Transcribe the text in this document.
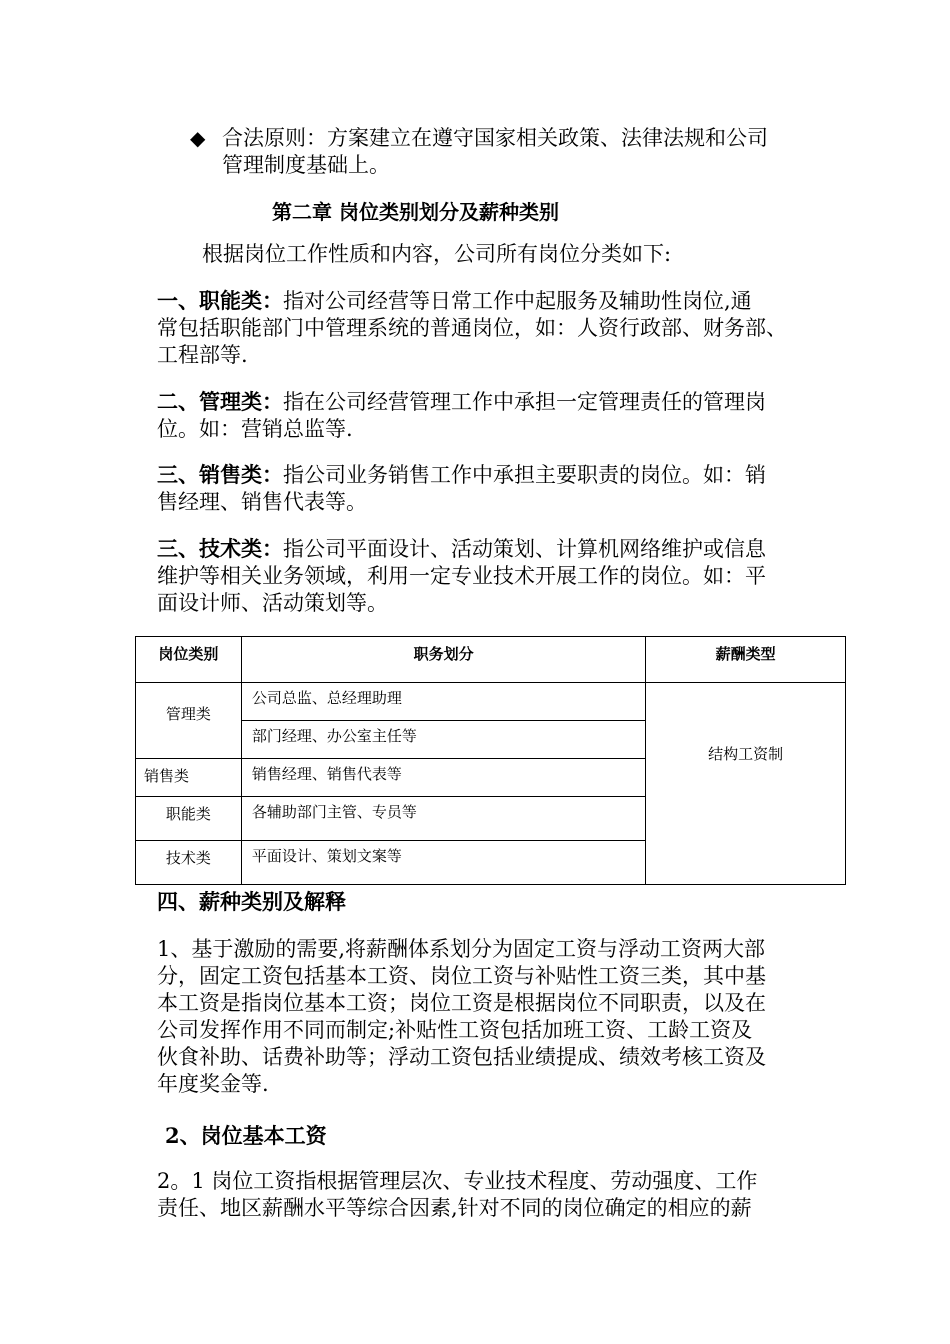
◆ 合法原则：方案建立在遵守国家相关政策、法律法规和公司
管理制度基础上。
第二章 岗位类别划分及薪种类别
根据岗位工作性质和内容，公司所有岗位分类如下:
一、职能类：指对公司经营等日常工作中起服务及辅助性岗位,通
常包括职能部门中管理系统的普通岗位，如：人资行政部、财务部、
工程部等.
二、管理类：指在公司经营管理工作中承担一定管理责任的管理岗
位。如：营销总监等.
三、销售类：指公司业务销售工作中承担主要职责的岗位。如：销
售经理、销售代表等。
三、技术类：指公司平面设计、活动策划、计算机网络维护或信息
维护等相关业务领域，利用一定专业技术开展工作的岗位。如：平
面设计师、活动策划等。
岗位类别	职务划分	薪酬类型
管理类	公司总监、总经理助理	结构工资制
	部门经理、办公室主任等	
销售类	销售经理、销售代表等	
职能类	各辅助部门主管、专员等	
技术类	平面设计、策划文案等	
四、薪种类别及解释
1、基于激励的需要,将薪酬体系划分为固定工资与浮动工资两大部
分，固定工资包括基本工资、岗位工资与补贴性工资三类，其中基
本工资是指岗位基本工资；岗位工资是根据岗位不同职责，以及在
公司发挥作用不同而制定;补贴性工资包括加班工资、工龄工资及
伙食补助、话费补助等；浮动工资包括业绩提成、绩效考核工资及
年度奖金等.
2、岗位基本工资
2。1 岗位工资指根据管理层次、专业技术程度、劳动强度、工作
责任、地区薪酬水平等综合因素,针对不同的岗位确定的相应的薪
